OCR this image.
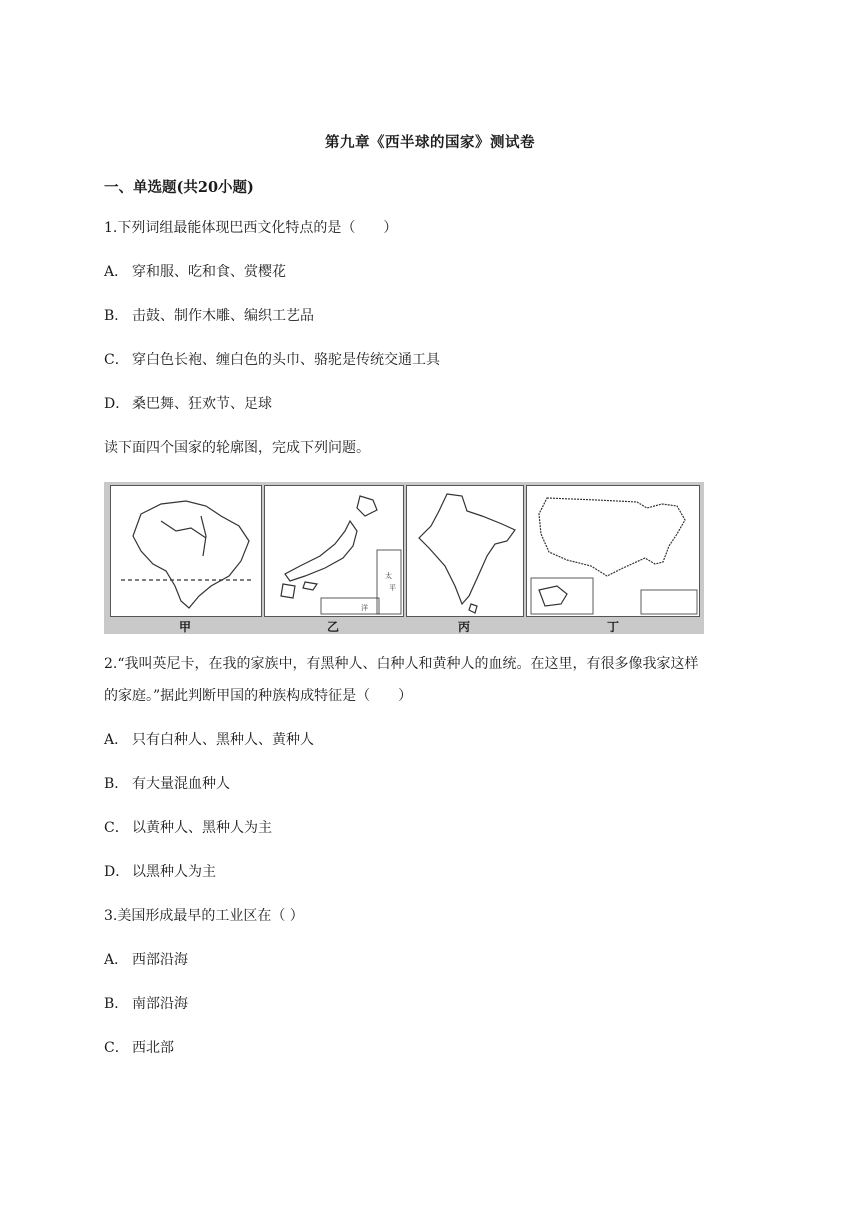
第九章《西半球的国家》测试卷
一、单选题(共20小题)
1.下列词组最能体现巴西文化特点的是（　　）
A． 穿和服、吃和食、赏樱花
B． 击鼓、制作木雕、编织工艺品
C． 穿白色长袍、缠白色的头巾、骆驼是传统交通工具
D． 桑巴舞、狂欢节、足球
读下面四个国家的轮廓图，完成下列问题。
太
平
洋
甲	乙	丙	丁
2.“我叫英尼卡，在我的家族中，有黑种人、白种人和黄种人的血统。在这里，有很多像我家这样
的家庭。”据此判断甲国的种族构成特征是（　　）
A． 只有白种人、黑种人、黄种人
B． 有大量混血种人
C． 以黄种人、黑种人为主
D． 以黑种人为主
3.美国形成最早的工业区在（ ）
A． 西部沿海
B． 南部沿海
C． 西北部
